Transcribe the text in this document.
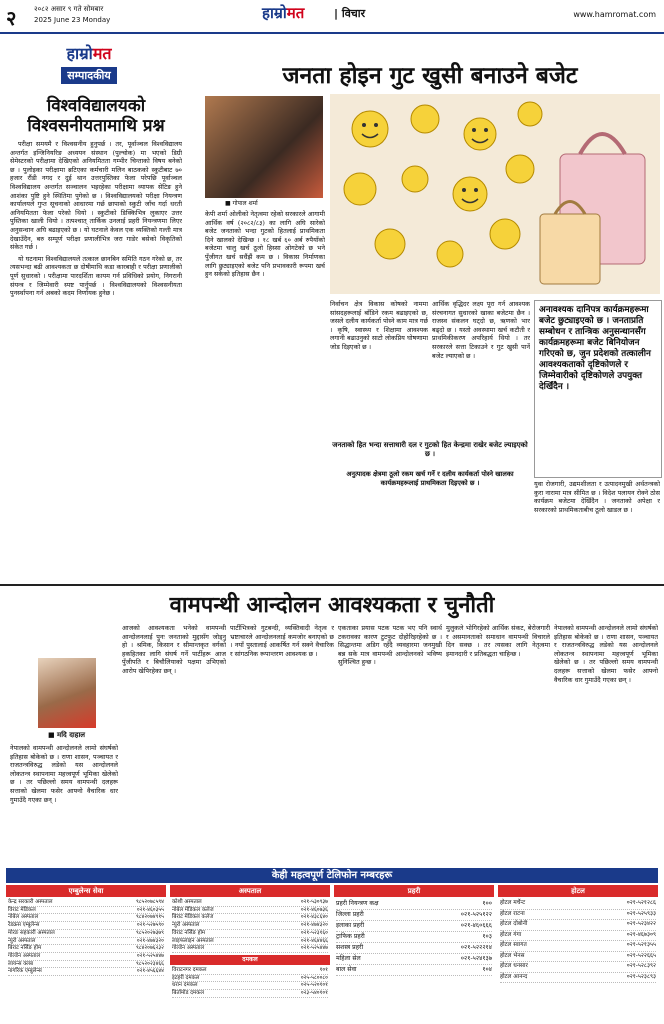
२	२०८२ असार ९ गते सोमबार
2025 June 23 Monday	हाम्रोमत	| विचार	www.hamromat.com
हाम्रोमत
सम्पादकीय
विश्वविद्यालयको विश्वसनीयतामाथि प्रश्न

परीक्षा समयमै र विश्वसनीय हुनुपर्छ । तर, पूर्वाञ्चल विश्वविद्यालय अन्तर्गत इन्जिनियरिङ अध्ययन संस्थान (पुल्चोक) मा भएको डिग्री सेमेस्टरको परीक्षामा देखिएको अनियमितता गम्भीर चिन्ताको विषय बनेको छ । पुलोइका परीक्षामा ब्रटिएका कर्मचारी मलिन बाठकको स्कुटीबाट ७० हजार रौंडी नगद र दुई थान उत्तरपुस्तिका फेला परेपछि पूर्वाञ्चल विश्वविद्यालय अन्तर्गत सञ्चालन भइरहेका परीक्षामा व्यापक सेटिङ हुने आशंका पुष्टि हुने स्थितिमा पुगेको छ । विश्वविद्यालयको परीक्षा नियन्त्रण कार्यालयले गुप्त सूचनाको आधारमा गर्छ छापाको स्कुटी जाँच गर्दा धरती अनियमितता फेला परेको थियो । स्कुटीको डिक्किभित्र लुकाएर उत्तर पुस्तिका खाली थियो । तत्पश्चात् तार्किक उनलाई प्रहरी नियन्त्रणमा लिएर अनुसन्धान अघि बढाइएको छ । यो घटनाले केवल एक व्यक्तिको गल्ती मात्र देखाउँदैन, बरु सम्पूर्ण परीक्षा प्रणालीभित्र जरा गाडेर बसेको विकृतिको संकेत गर्छ ।

यो घटनामा विश्वविद्यालयले तत्काल छानबिन समिति गठन गरेको छ, तर त्यसभन्दा बढी आवश्यकता छ दोषीमाथि कडा कारबाही र परीक्षा प्रणालीको पूर्ण सुधारको । परीक्षामा पारदर्शिता कायम गर्न प्रविधिको प्रयोग, निगरानी संयन्त्र र जिम्मेवारी स्पष्ट पार्नुपर्छ । विश्वविद्यालयको विश्वसनीयता पुनर्स्थापना गर्न अबको कदम निर्णायक हुनेछ ।

जनता होइन गुट खुसी बनाउने बजेट
■ गोपाल शर्मा
केपी शर्मा ओलीको नेतृत्वमा रहेको सरकारले आगामी आर्थिक वर्ष (२०८२/८३) का लागि अघि सारेको बजेट जनताको भन्दा गुटको हितलाई प्राथमिकता दिने खालको देखिन्छ । १८ खर्ब ६० अर्ब रुपैयाँको बजेटमा चालु खर्च ठूलो हिस्सा ओगटेको छ भने पुँजीगत खर्च सधैंझैं कम छ । विकास निर्माणका लागि छुट्याइएको बजेट पनि प्रभावकारी रूपमा खर्च हुन सकेको इतिहास छैन ।
निर्वाचन क्षेत्र विकास कोषको नाममा सांसदहरूलाई बाँडिने रकम बढाइएको छ, जसले दलीय कार्यकर्ता पोस्ने काम मात्र गर्छ । कृषि, स्वास्थ्य र शिक्षामा आवश्यक लगानी बढाउनुको साटो लोकप्रिय घोषणामा जोड दिइएको छ ।
आर्थिक वृद्धिदर लक्ष्य पूरा गर्न आवश्यक संरचनागत सुधारको खाका बजेटमा छैन । राजस्व संकलन घट्दो छ, ऋणको भार बढ्दो छ । यस्तो अवस्थामा खर्च कटौती र प्राथमिकीकरण अपरिहार्य थियो । तर सरकारले सत्ता टिकाउने र गुट खुसी पार्ने बजेट ल्याएको छ ।
अनावश्यक दानिपत्र कार्यक्रमहरूमा बजेट छुट्याइएको छ । जनताप्रति सम्बोधन र तान्त्रिक अनुसन्धानसँग कार्यक्रमहरूमा बजेट बिनियोजन गरिएको छ, जुन प्रदेशको तत्कालीन आवश्यकताको दृष्टिकोणले र जिम्मेवारीको दृष्टिकोणले उपयुक्त देखिँदैन ।
युवा रोजगारी, उद्यमशीलता र उत्पादनमुखी अर्थतन्त्रको कुरा नारामा मात्र सीमित छ । विदेश पलायन रोक्ने ठोस कार्यक्रम बजेटमा देखिँदैन । जनताको अपेक्षा र सरकारको प्राथमिकताबीच ठूलो खाडल छ ।
जनताको हित भन्दा सत्ताधारी दल र गुटको हित केन्द्रमा राखेर बजेट ल्याइएको छ ।
अनुत्पादक क्षेत्रमा ठूलो रकम खर्च गर्ने र दलीय कार्यकर्ता पोस्ने खालका कार्यक्रमहरूलाई प्राथमिकता दिइएको छ ।
वामपन्थी आन्दोलन आवश्यकता र चुनौती
■ मदि दाहाल
नेपालको वामपन्थी आन्दोलनले लामो संघर्षको इतिहास बोकेको छ । राणा शासन, पञ्चायत र राजतन्त्रविरुद्ध लडेको यस आन्दोलनले लोकतन्त्र स्थापनामा महत्त्वपूर्ण भूमिका खेलेको छ । तर पछिल्लो समय वामपन्थी दलहरू सत्ताको खेलमा फसेर आफ्नो वैचारिक धार गुमाउँदै गएका छन् ।
आजको आवश्यकता भनेको वामपन्थी आन्दोलनलाई पुनः जनताको मुद्दासँग जोड्नु हो । श्रमिक, किसान र सीमान्तकृत वर्गको हकहितका लागि संघर्ष गर्ने पार्टीहरू आज पुँजीपति र बिचौलियाको पक्षमा उभिएको आरोप खेपिरहेका छन् ।
पार्टीभित्रको गुटबन्दी, व्यक्तिवादी नेतृत्व र भ्रष्टाचारले आन्दोलनलाई कमजोर बनाएको छ । नयाँ पुस्तालाई आकर्षित गर्न सक्ने वैचारिक र सांगठनिक रूपान्तरण आवश्यक छ ।
एकताका प्रयास पटक पटक भए पनि स्वार्थ टकरावका कारण टुटफुट दोहोरिइरहेको छ । सिद्धान्तमा अडिग रहँदै व्यवहारमा जनमुखी बन्न सके मात्र वामपन्थी आन्दोलनको भविष्य सुनिश्चित हुन्छ ।
मुलुकले भोगिरहेको आर्थिक संकट, बेरोजगारी र असमानताको समाधान वामपन्थी विचारले दिन सक्छ । तर त्यसका लागि नेतृत्वमा इमानदारी र प्रतिबद्धता चाहिन्छ ।
नेपालको वामपन्थी आन्दोलनले लामो संघर्षको इतिहास बोकेको छ । राणा शासन, पञ्चायत र राजतन्त्रविरुद्ध लडेको यस आन्दोलनले लोकतन्त्र स्थापनामा महत्त्वपूर्ण भूमिका खेलेको छ । तर पछिल्लो समय वामपन्थी दलहरू सत्ताको खेलमा फसेर आफ्नो वैचारिक धार गुमाउँदै गएका छन् ।
केही महत्वपूर्ण टेलिफोन नम्बरहरू
एम्बुलेन्स सेवा
केन्द्र सरकारी अस्पताल	९८५२०७८५९४
विराट मेडिकल	०२१-४६०३५५
नोबेल अस्पताल	९८४२०७४९१५
रेडक्रस एम्बुलेन्स	०२१-५२७५९०
मोरङ सहकारी अस्पताल	९८५२०२७३७९
न्युरो अस्पताल	०२१-४७४३२०
बिराट नर्सिङ होम	९८४२०७६२३२
गोल्डेन अस्पताल	०२१-५२५४४७
लायन्स क्लब	९८५२०२३४६६
नागरिक एम्बुलेन्स	०२१-४५६६४४
अस्पताल
कोशी अस्पताल	०२१-५३०९३७
नोबेल मेडिकल कलेज	०२१-४६०७३६
बिराट मेडिकल कलेज	०२१-४३८६४०
न्युरो अस्पताल	०२१-४७४३२०
विराट नर्सिङ होम	०२१-५२३१६०
लाइफलाइन अस्पताल	०२१-४६४४६६
गोल्डेन अस्पताल	०२१-५२५४४७
दमकल
विराटनगर दमकल	१०१
इटहरी दमकल	०२५-५८००८०
धरान दमकल	०२५-५२०१०१
बिर्तामोड दमकल	०२३-५४०१०१
प्रहरी
प्रहरी नियन्त्रण कक्ष	१००
जिल्ला प्रहरी	०२१-५२५१२२
इलाका प्रहरी	०२१-४६०६६६
ट्राफिक प्रहरी	१०३
सशस्त्र प्रहरी	०२१-५२२२१४
महिला सेल	०२१-५२४१३७
बाल सेवा	१०४
होटल
होटल मर्चेन्ट	०२१-५२१२८६
होटल राटना	०२१-५२५९३३
होटल दोबोनी	०२१-५२३४२२
होटल गंगा	०२१-४६७३०९
होटल स्वागत	०२१-५२१३५५
होटल भेनस	०२१-५२२६६५
होटल धनसार	०२१-५२८३९२
होटल आनन्द	०२१-५२३८९३
